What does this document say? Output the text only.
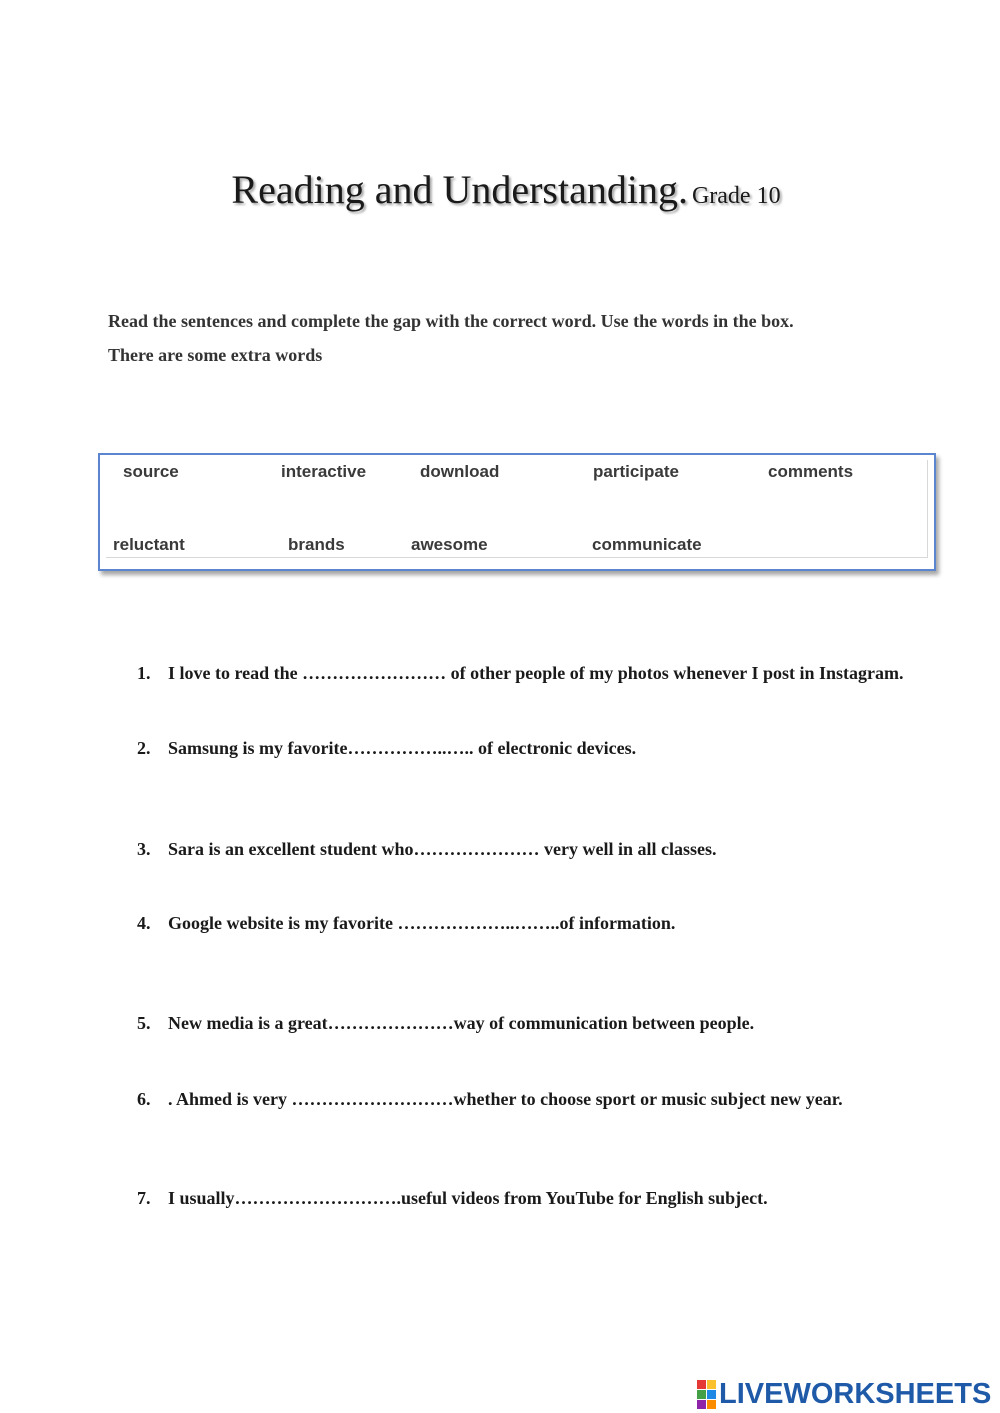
Reading and Understanding. Grade 10
Read the sentences and complete the gap with the correct word. Use the words in the box.
There are some extra words
source	interactive	download	participate	comments
reluctant	brands	awesome	communicate
1. I love to read the …………………… of other people of my photos whenever I post in Instagram.
2. Samsung is my favorite……………..….. of electronic devices.
3. Sara is an excellent student who………………… very well in all classes.
4. Google website is my favorite ………………..……..of information.
5. New media is a great…………………way of communication between people.
6. . Ahmed is very ………………………whether to choose sport or music subject new year.
7. I usually……………………….useful videos from YouTube for English subject.
LIVEWORKSHEETS
